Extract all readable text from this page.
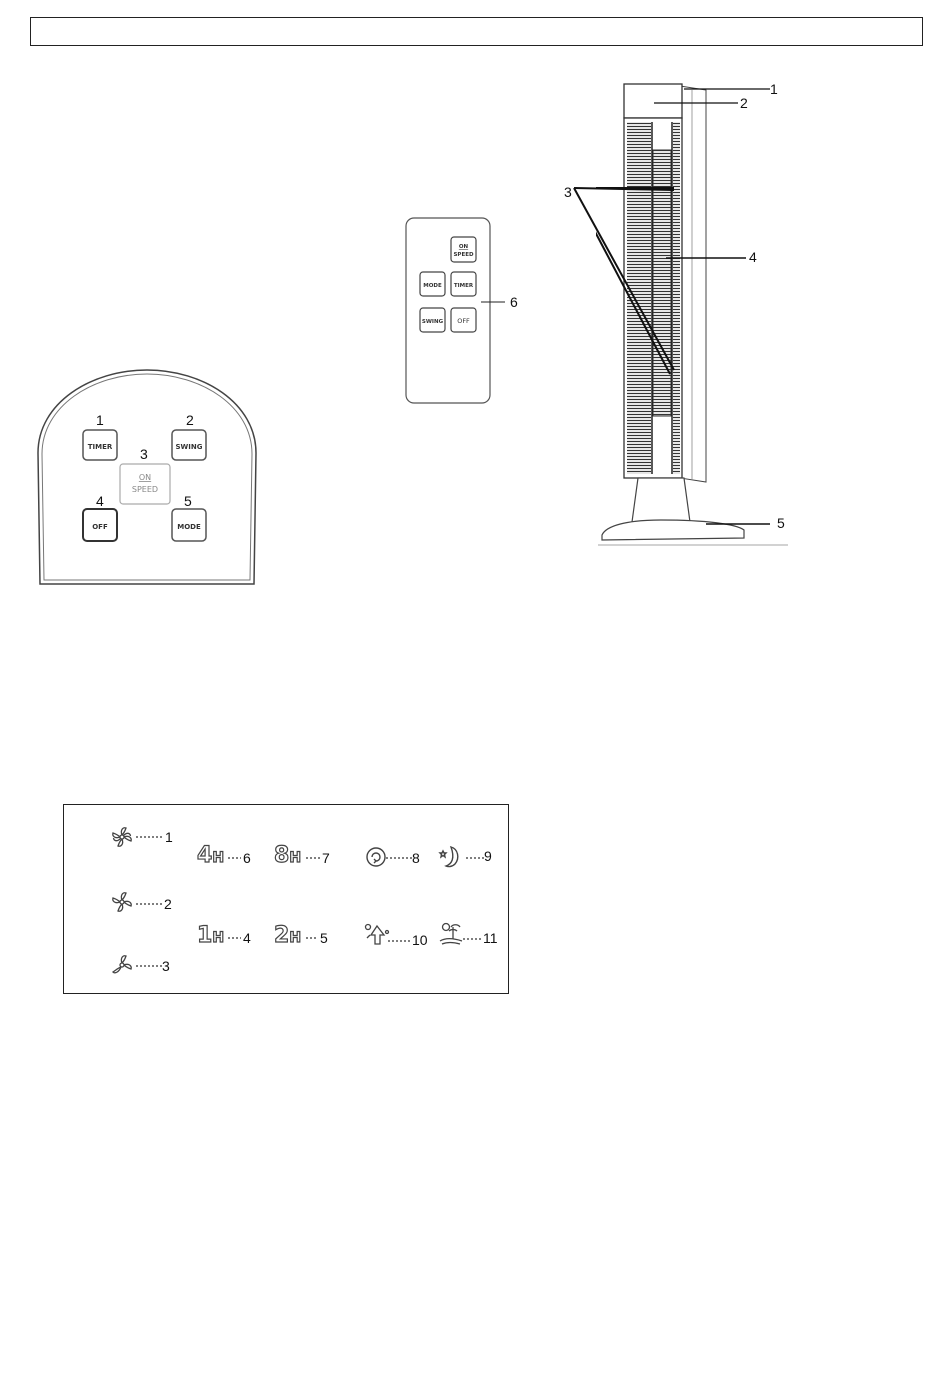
TIMER	SWING
ON
SPEED
OFF	MODE
1	2
3
4	5
ON
SPEED
MODE TIMER
SWING OFF
6
1
2
3
4
5
1
2
3
4	5
6	7	8	9
10	11
4H 8H
1H 2H
